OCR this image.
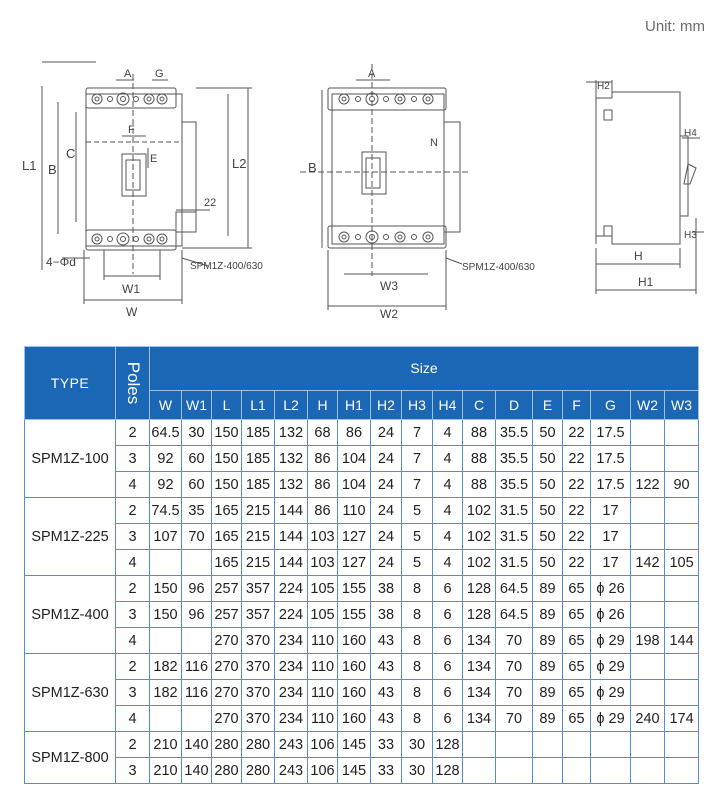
Unit: mm
A G
F
E
C
B
L1	L2
22
4−Φd
W1
W
SPM1Z-400/630
A
B
N
W3
W2
SPM1Z-400/630
H2
H4
H3
H
H1
TYPE	Poles	Size																
		W	W1	L	L1	L2	H	H1	H2	H3	H4	C	D	E	F	G	W2	W3
SPM1Z-100	2	64.5	30	150	185	132	68	86	24	7	4	88	35.5	50	22	17.5		
	3	92	60	150	185	132	86	104	24	7	4	88	35.5	50	22	17.5		
	4	92	60	150	185	132	86	104	24	7	4	88	35.5	50	22	17.5	122	90
SPM1Z-225	2	74.5	35	165	215	144	86	110	24	5	4	102	31.5	50	22	17		
	3	107	70	165	215	144	103	127	24	5	4	102	31.5	50	22	17		
	4			165	215	144	103	127	24	5	4	102	31.5	50	22	17	142	105
SPM1Z-400	2	150	96	257	357	224	105	155	38	8	6	128	64.5	89	65	ϕ 26		
	3	150	96	257	357	224	105	155	38	8	6	128	64.5	89	65	ϕ 26		
	4			270	370	234	110	160	43	8	6	134	70	89	65	ϕ 29	198	144
SPM1Z-630	2	182	116	270	370	234	110	160	43	8	6	134	70	89	65	ϕ 29		
	3	182	116	270	370	234	110	160	43	8	6	134	70	89	65	ϕ 29		
	4			270	370	234	110	160	43	8	6	134	70	89	65	ϕ 29	240	174
SPM1Z-800	2	210	140	280	280	243	106	145	33	30	128							
	3	210	140	280	280	243	106	145	33	30	128							
